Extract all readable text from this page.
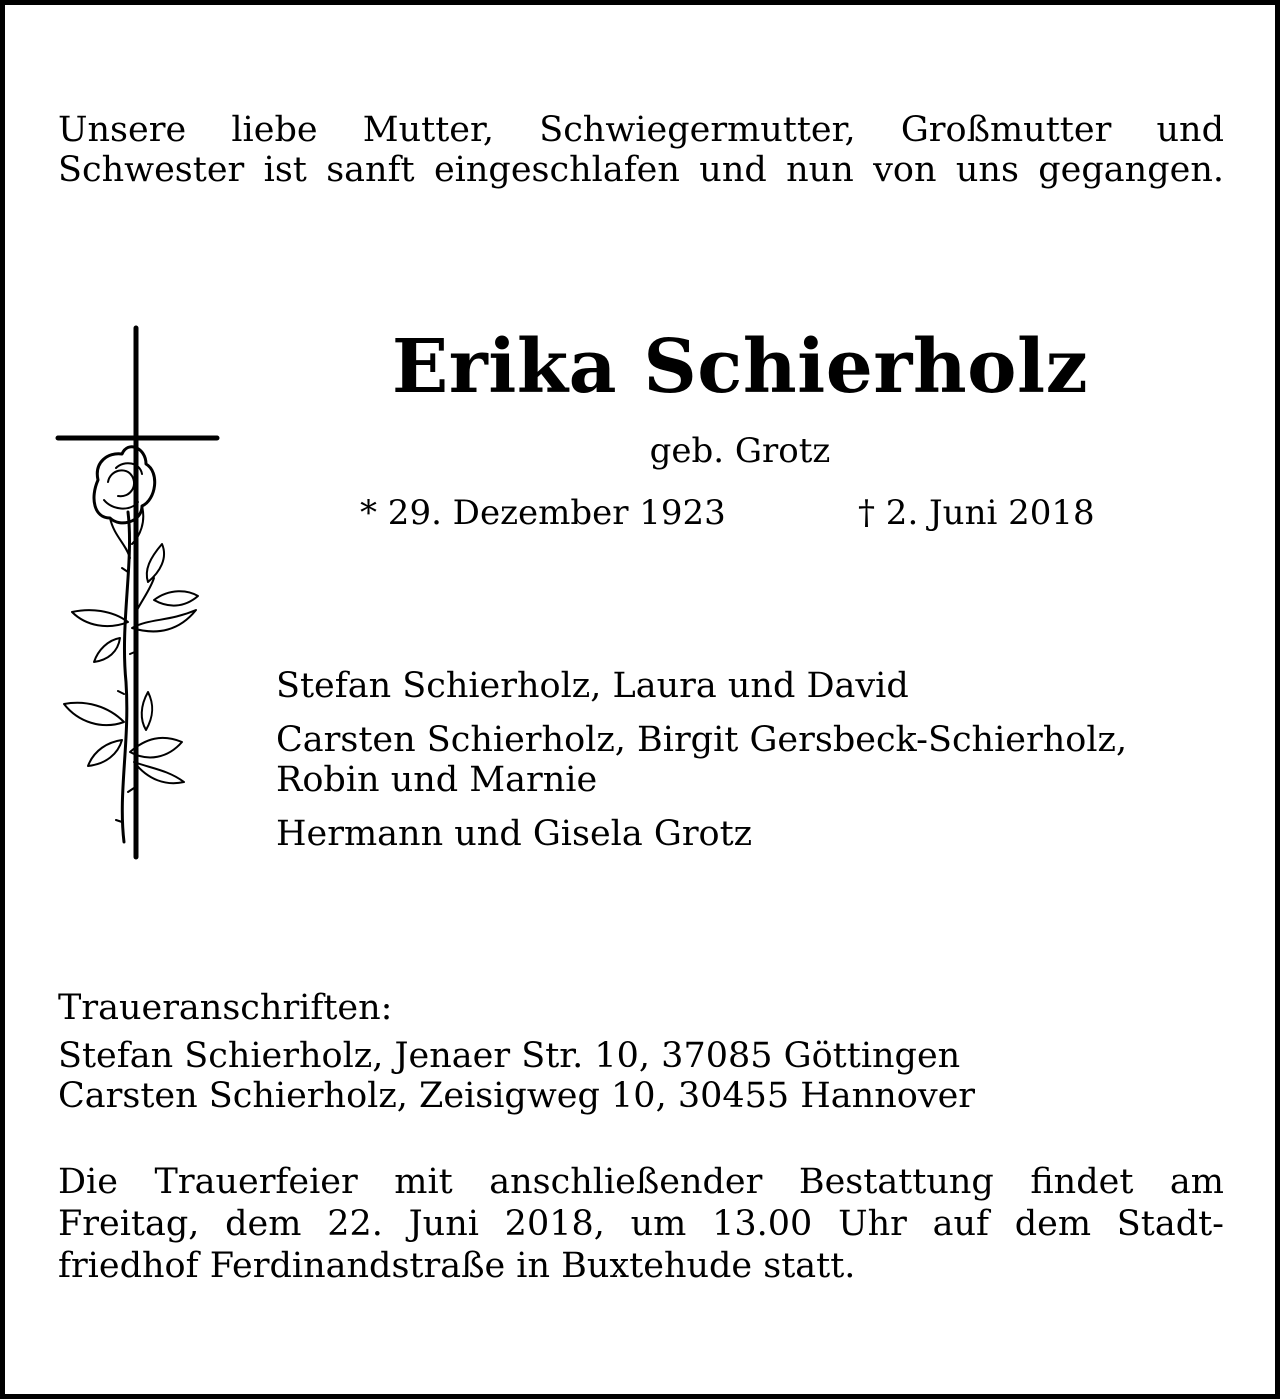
Unsere liebe Mutter, Schwiegermutter, Großmutter und
Schwester ist sanft eingeschlafen und nun von uns gegangen.
Erika Schierholz
geb. Grotz
* 29. Dezember 1923	† 2. Juni 2018
Stefan Schierholz, Laura und David
Carsten Schierholz, Birgit Gersbeck-Schierholz,
Robin und Marnie
Hermann und Gisela Grotz
Traueranschriften:
Stefan Schierholz, Jenaer Str. 10, 37085 Göttingen
Carsten Schierholz, Zeisigweg 10, 30455 Hannover
Die Trauerfeier mit anschließender Bestattung findet am
Freitag, dem 22. Juni 2018, um 13.00 Uhr auf dem Stadt-
friedhof Ferdinandstraße in Buxtehude statt.
